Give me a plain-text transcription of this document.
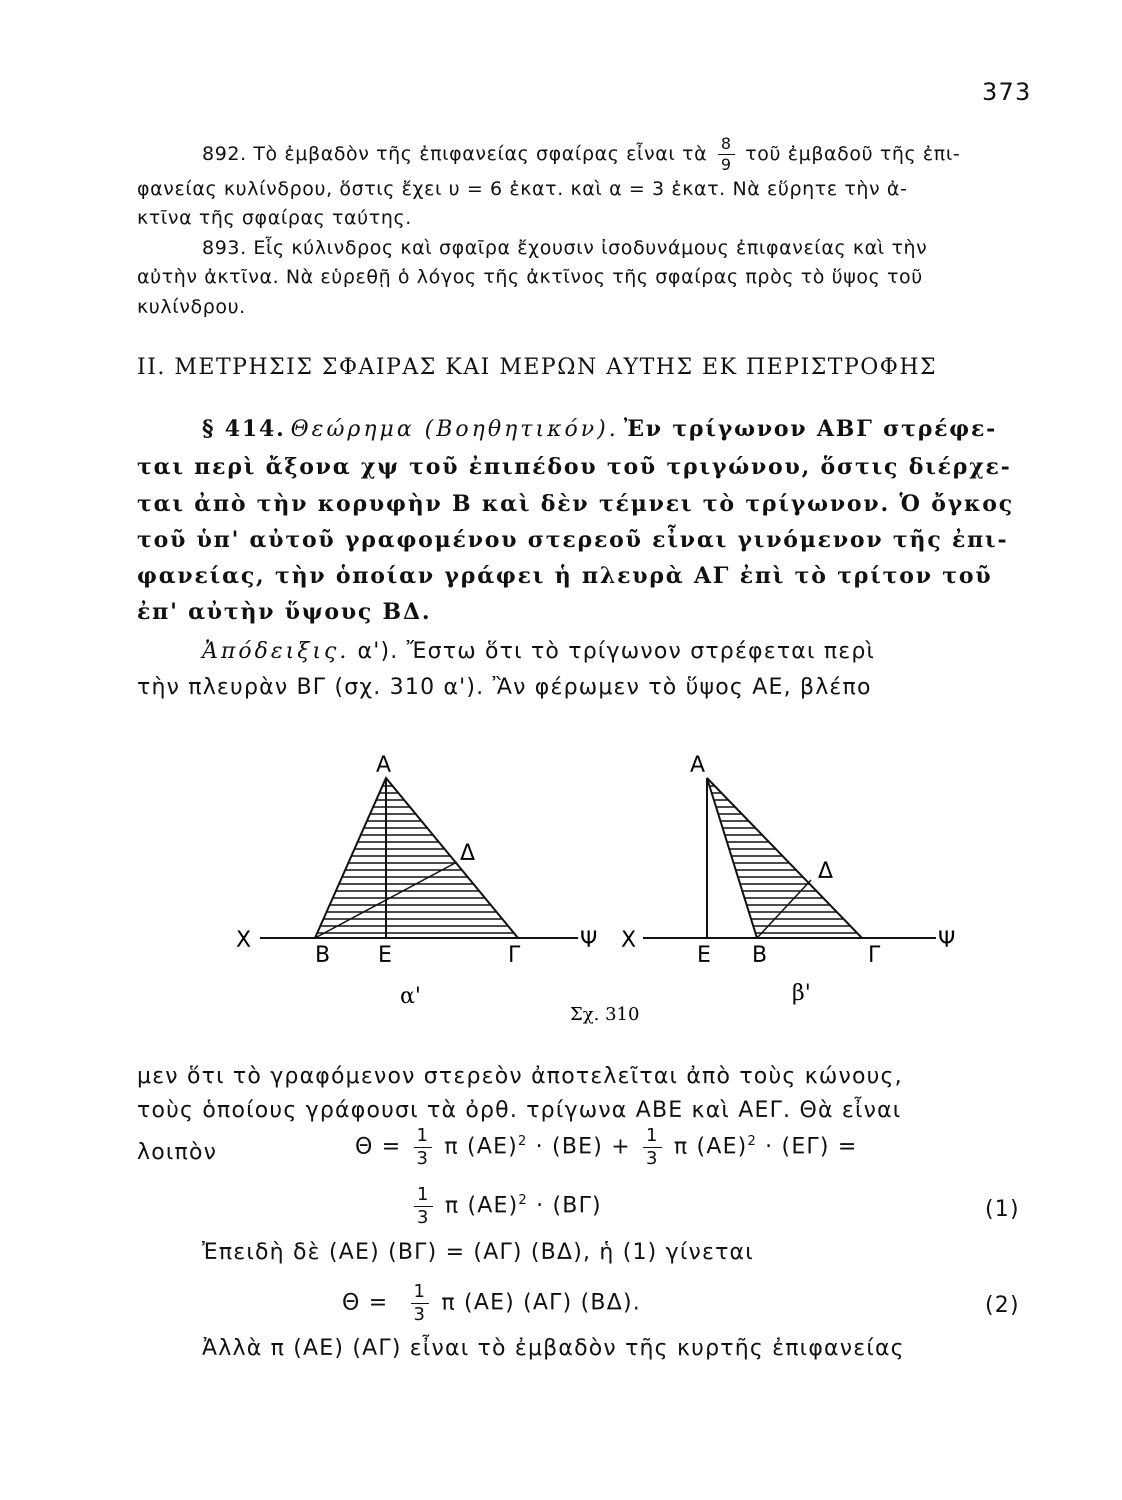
373
892. Τὸ ἐμβαδὸν τῆς ἐπιφανείας σφαίρας εἶναι τὰ $\frac{8}{9}$ τοῦ ἐμβαδοῦ τῆς ἐπι-
φανείας κυλίνδρου, ὅστις ἔχει υ = 6 ἑκατ. καὶ α = 3 ἑκατ. Νὰ εὕρητε τὴν ἀ-
κτῖνα τῆς σφαίρας ταύτης.
893. Εἷς κύλινδρος καὶ σφαῖρα ἔχουσιν ἰσοδυνάμους ἐπιφανείας καὶ τὴν
αὐτὴν ἀκτῖνα. Νὰ εὑρεθῇ ὁ λόγος τῆς ἀκτῖνος τῆς σφαίρας πρὸς τὸ ὕψος τοῦ
κυλίνδρου.
II. ΜΕΤΡΗΣΙΣ ΣΦΑΙΡΑΣ ΚΑΙ ΜΕΡΩΝ ΑΥΤΗΣ ΕΚ ΠΕΡΙΣΤΡΟΦΗΣ
§ 414. Θεώρημα (Βοηθητικόν). Ἐν τρίγωνον ΑΒΓ στρέφε-
ται περὶ ἄξονα χψ τοῦ ἐπιπέδου τοῦ τριγώνου, ὅστις διέρχε-
ται ἀπὸ τὴν κορυφὴν Β καὶ δὲν τέμνει τὸ τρίγωνον. Ὁ ὄγκος
τοῦ ὑπ' αὐτοῦ γραφομένου στερεοῦ εἶναι γινόμενον τῆς ἐπι-
φανείας, τὴν ὁποίαν γράφει ἡ πλευρὰ ΑΓ ἐπὶ τὸ τρίτον τοῦ
ἐπ' αὐτὴν ὕψους ΒΔ.
Ἀπόδειξις. α'). Ἔστω ὅτι τὸ τρίγωνον στρέφεται περὶ
τὴν πλευρὰν ΒΓ (σχ. 310 α'). Ἂν φέρωμεν τὸ ὕψος ΑΕ, βλέπο
Α
Δ
Χ
Β Ε	Γ
Ψ
α'
Α
Δ
Χ
Ε Β	Γ
Ψ
β'
Σχ. 310
μεν ὅτι τὸ γραφόμενον στερεὸν ἀποτελεῖται ἀπὸ τοὺς κώνους,
τοὺς ὁποίους γράφουσι τὰ ὀρθ. τρίγωνα ΑΒΕ καὶ ΑΕΓ. Θὰ εἶναι
λοιπὸν	$\Theta = \frac{1}{3}$ π $(AE)^2 \cdot (BE) + \frac{1}{3}$ π $(AE)^2 \cdot (E\Gamma)$ =
$\frac{1}{3}$ π $(AE)^2 \cdot (B\Gamma)$	(1)
Ἐπειδὴ δὲ (ΑΕ) (ΒΓ) = (ΑΓ) (ΒΔ), ἡ (1) γίνεται
$\Theta = \frac{1}{3}$ π (ΑΕ) (ΑΓ) (ΒΔ).	(2)
Ἀλλὰ π (ΑΕ) (ΑΓ) εἶναι τὸ ἐμβαδὸν τῆς κυρτῆς ἐπιφανείας
